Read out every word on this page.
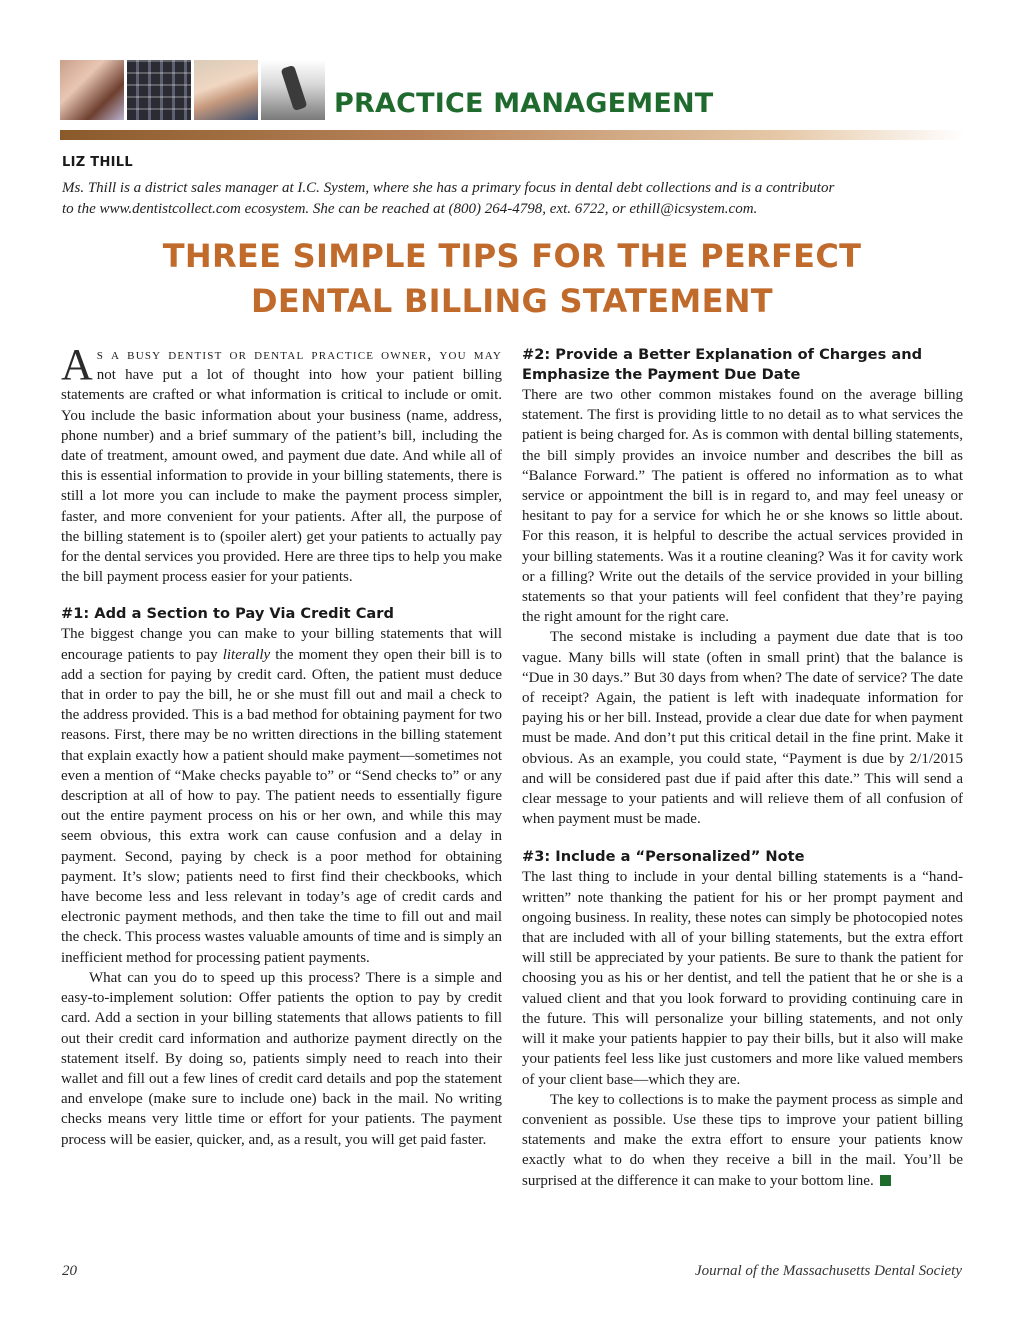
PRACTICE MANAGEMENT
LIZ THILL
Ms. Thill is a district sales manager at I.C. System, where she has a primary focus in dental debt collections and is a contributor
to the www.dentistcollect.com ecosystem. She can be reached at (800) 264-4798, ext. 6722, or ethill@icsystem.com.
THREE SIMPLE TIPS FOR THE PERFECT
DENTAL BILLING STATEMENT

As a busy dentist or dental practice owner, you may not have put a lot of thought into how your patient billing statements are crafted or what information is critical to include or omit. You include the basic information about your business (name, address, phone number) and a brief summary of the patient’s bill, including the date of treatment, amount owed, and payment due date. And while all of this is essential information to provide in your billing statements, there is still a lot more you can include to make the payment process simpler, faster, and more convenient for your patients. After all, the purpose of the billing statement is to (spoiler alert) get your patients to actually pay for the dental services you provided. Here are three tips to help you make the bill payment process easier for your patients.

#1: Add a Section to Pay Via Credit Card

The biggest change you can make to your billing statements that will encourage patients to pay literally the moment they open their bill is to add a section for paying by credit card. Often, the patient must deduce that in order to pay the bill, he or she must fill out and mail a check to the address provided. This is a bad method for obtaining payment for two reasons. First, there may be no written directions in the billing statement that explain exactly how a patient should make payment—sometimes not even a mention of “Make checks payable to” or “Send checks to” or any description at all of how to pay. The patient needs to essentially figure out the entire payment process on his or her own, and while this may seem obvious, this extra work can cause confusion and a delay in payment. Second, paying by check is a poor method for obtaining payment. It’s slow; patients need to first find their checkbooks, which have become less and less relevant in today’s age of credit cards and electronic payment methods, and then take the time to fill out and mail the check. This process wastes valuable amounts of time and is simply an inefficient method for processing patient payments.

What can you do to speed up this process? There is a simple and easy-to-implement solution: Offer patients the option to pay by credit card. Add a section in your billing statements that allows patients to fill out their credit card information and authorize payment directly on the statement itself. By doing so, patients simply need to reach into their wallet and fill out a few lines of credit card details and pop the statement and envelope (make sure to include one) back in the mail. No writing checks means very little time or effort for your patients. The payment process will be easier, quicker, and, as a result, you will get paid faster.

#2: Provide a Better Explanation of Charges and Emphasize the Payment Due Date

There are two other common mistakes found on the average billing statement. The first is providing little to no detail as to what services the patient is being charged for. As is common with dental billing statements, the bill simply provides an invoice number and describes the bill as “Balance Forward.” The patient is offered no information as to what service or appointment the bill is in regard to, and may feel uneasy or hesitant to pay for a service for which he or she knows so little about. For this reason, it is helpful to describe the actual services provided in your billing statements. Was it a routine cleaning? Was it for cavity work or a filling? Write out the details of the service provided in your billing statements so that your patients will feel confident that they’re paying the right amount for the right care.

The second mistake is including a payment due date that is too vague. Many bills will state (often in small print) that the balance is “Due in 30 days.” But 30 days from when? The date of service? The date of receipt? Again, the patient is left with inadequate information for paying his or her bill. Instead, provide a clear due date for when payment must be made. And don’t put this critical detail in the fine print. Make it obvious. As an example, you could state, “Payment is due by 2/1/2015 and will be considered past due if paid after this date.” This will send a clear message to your patients and will relieve them of all confusion of when payment must be made.

#3: Include a “Personalized” Note

The last thing to include in your dental billing statements is a “hand-written” note thanking the patient for his or her prompt payment and ongoing business. In reality, these notes can simply be photocopied notes that are included with all of your billing statements, but the extra effort will still be appreciated by your patients. Be sure to thank the patient for choosing you as his or her dentist, and tell the patient that he or she is a valued client and that you look forward to providing continuing care in the future. This will personalize your billing statements, and not only will it make your patients happier to pay their bills, but it also will make your patients feel less like just customers and more like valued members of your client base—which they are.

The key to collections is to make the payment process as simple and convenient as possible. Use these tips to improve your patient billing statements and make the extra effort to ensure your patients know exactly what to do when they receive a bill in the mail. You’ll be surprised at the difference it can make to your bottom line.

20	Journal of the Massachusetts Dental Society
